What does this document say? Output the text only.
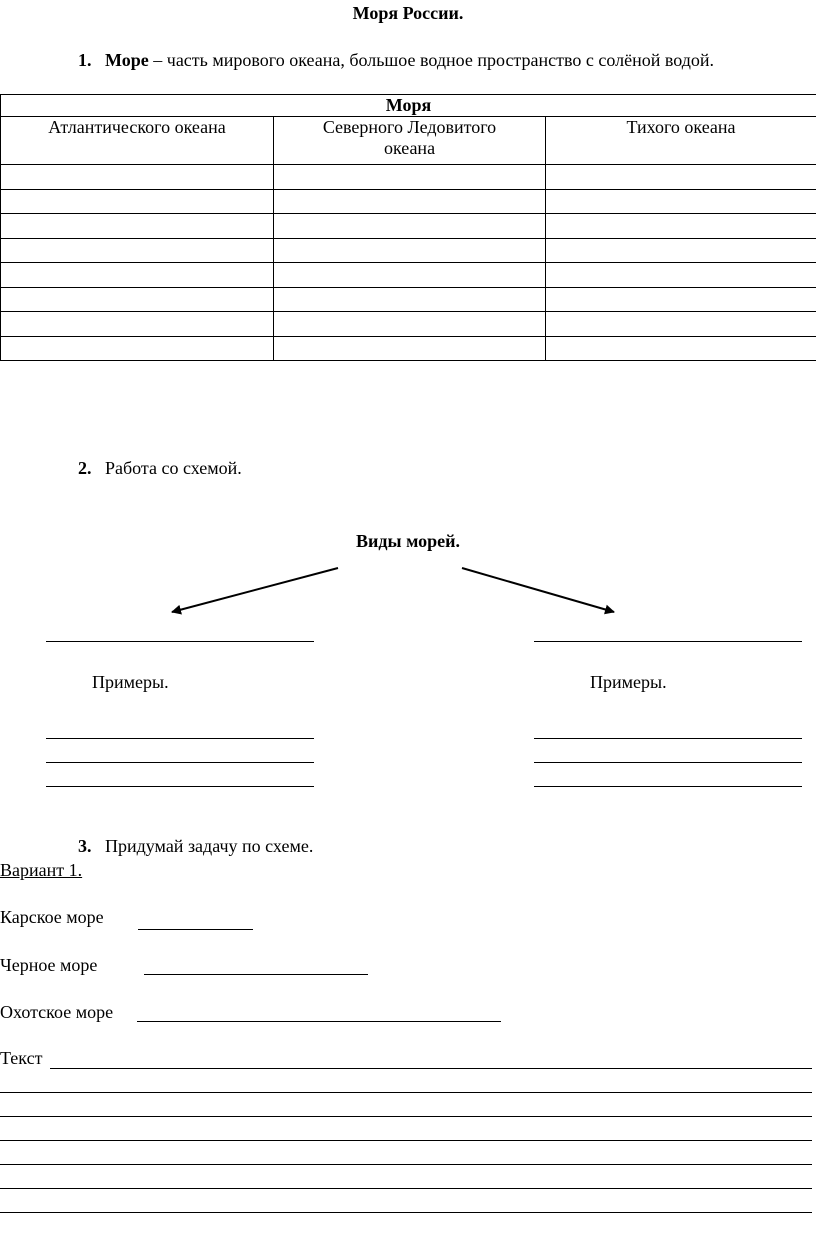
Моря России.
1. Море – часть мирового океана, большое водное пространство с солёной водой.
Моря		
Атлантического океана	Северного Ледовитого океана	Тихого океана

2. Работа со схемой.
Виды морей.
Примеры.	Примеры.
3. Придумай задачу по схеме.
Вариант 1.
Карское море
Черное море
Охотское море
Текст
